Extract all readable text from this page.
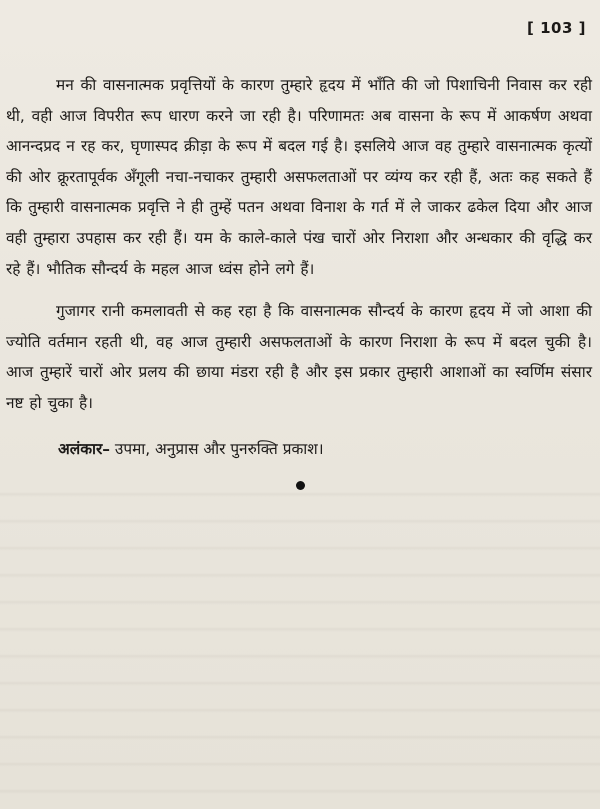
[ 103 ]

मन की वासनात्मक प्रवृत्तियों के कारण तुम्हारे हृदय में भाँति की जो पिशाचिनी निवास कर रही थी, वही आज विपरीत रूप धारण करने जा रही है। परिणामतः अब वासना के रूप में आकर्षण अथवा आनन्दप्रद न रह कर, घृणास्पद क्रीड़ा के रूप में बदल गई है। इसलिये आज वह तुम्हारे वासनात्मक कृत्यों की ओर क्रूरतापूर्वक अँगूली नचा-नचाकर तुम्हारी असफलताओं पर व्यंग्य कर रही हैं, अतः कह सकते हैं कि तुम्हारी वासनात्मक प्रवृत्ति ने ही तुम्हें पतन अथवा विनाश के गर्त में ले जाकर ढकेल दिया और आज वही तुम्हारा उपहास कर रही हैं। यम के काले-काले पंख चारों ओर निराशा और अन्धकार की वृद्धि कर रहे हैं। भौतिक सौन्दर्य के महल आज ध्वंस होने लगे हैं।

गुजागर रानी कमलावती से कह रहा है कि वासनात्मक सौन्दर्य के कारण हृदय में जो आशा की ज्योति वर्तमान रहती थी, वह आज तुम्हारी असफलताओं के कारण निराशा के रूप में बदल चुकी है। आज तुम्हारें चारों ओर प्रलय की छाया मंडरा रही है और इस प्रकार तुम्हारी आशाओं का स्वर्णिम संसार नष्ट हो चुका है।

अलंकार– उपमा, अनुप्रास और पुनरुक्ति प्रकाश।
